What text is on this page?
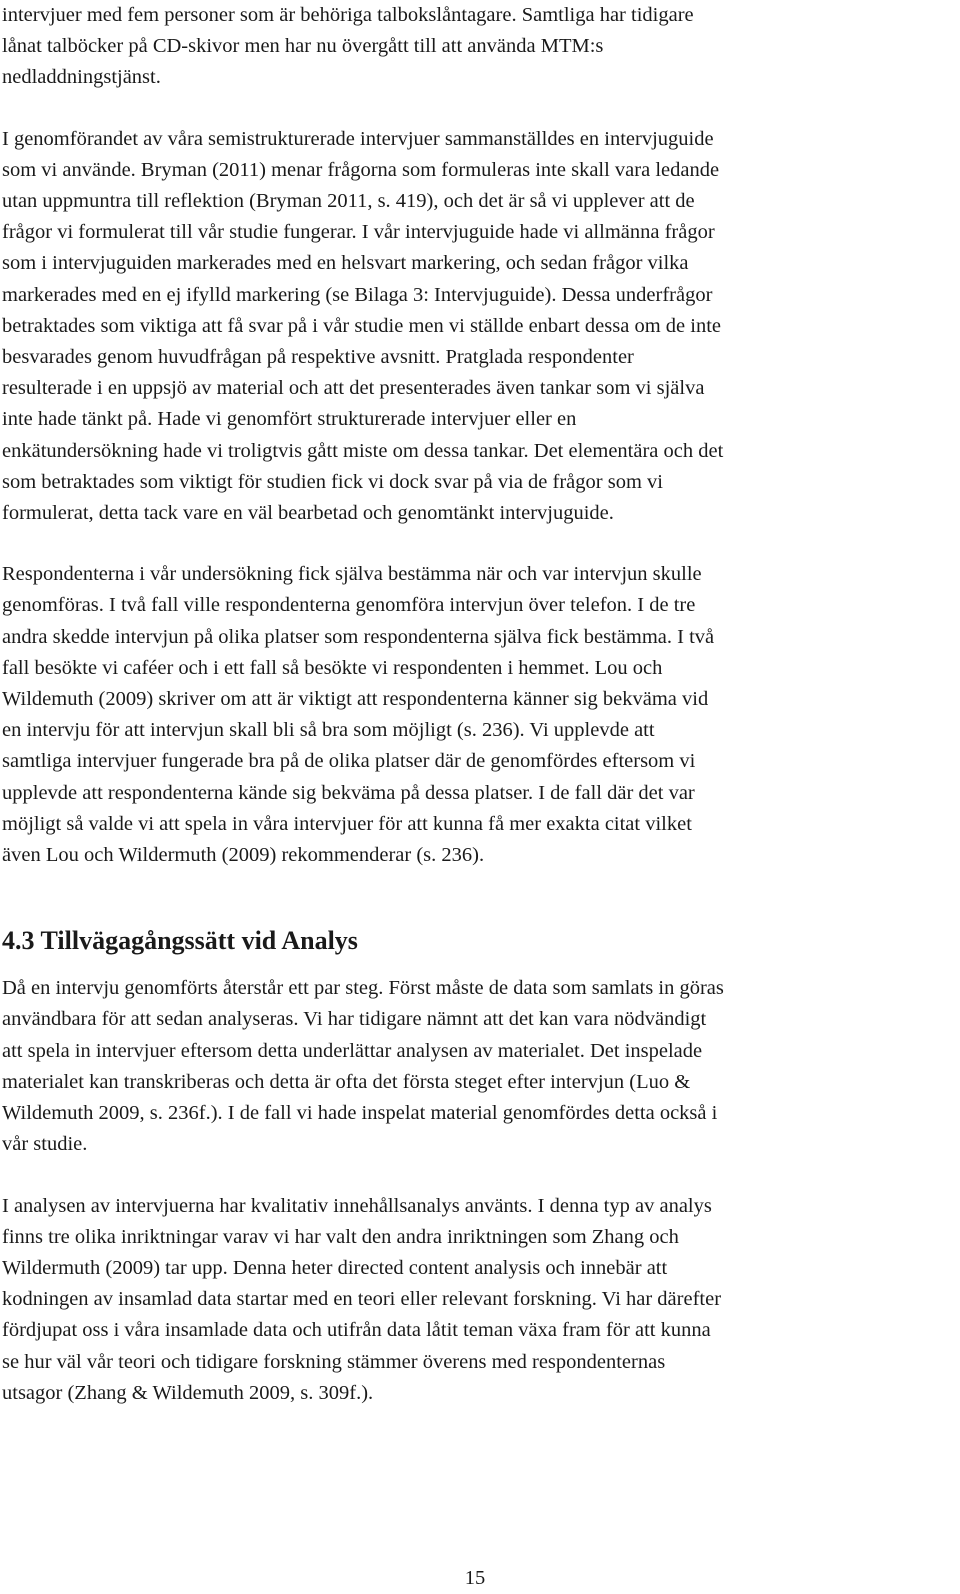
intervjuer med fem personer som är behöriga talbokslåntagare. Samtliga har tidigare
lånat talböcker på CD-skivor men har nu övergått till att använda MTM:s
nedladdningstjänst.

I genomförandet av våra semistrukturerade intervjuer sammanställdes en intervjuguide
som vi använde. Bryman (2011) menar frågorna som formuleras inte skall vara ledande
utan uppmuntra till reflektion (Bryman 2011, s. 419), och det är så vi upplever att de
frågor vi formulerat till vår studie fungerar. I vår intervjuguide hade vi allmänna frågor
som i intervjuguiden markerades med en helsvart markering, och sedan frågor vilka
markerades med en ej ifylld markering (se Bilaga 3: Intervjuguide). Dessa underfrågor
betraktades som viktiga att få svar på i vår studie men vi ställde enbart dessa om de inte
besvarades genom huvudfrågan på respektive avsnitt. Pratglada respondenter
resulterade i en uppsjö av material och att det presenterades även tankar som vi själva
inte hade tänkt på. Hade vi genomfört strukturerade intervjuer eller en
enkätundersökning hade vi troligtvis gått miste om dessa tankar. Det elementära och det
som betraktades som viktigt för studien fick vi dock svar på via de frågor som vi
formulerat, detta tack vare en väl bearbetad och genomtänkt intervjuguide.

Respondenterna i vår undersökning fick själva bestämma när och var intervjun skulle
genomföras. I två fall ville respondenterna genomföra intervjun över telefon. I de tre
andra skedde intervjun på olika platser som respondenterna själva fick bestämma. I två
fall besökte vi caféer och i ett fall så besökte vi respondenten i hemmet. Lou och
Wildemuth (2009) skriver om att är viktigt att respondenterna känner sig bekväma vid
en intervju för att intervjun skall bli så bra som möjligt (s. 236). Vi upplevde att
samtliga intervjuer fungerade bra på de olika platser där de genomfördes eftersom vi
upplevde att respondenterna kände sig bekväma på dessa platser. I de fall där det var
möjligt så valde vi att spela in våra intervjuer för att kunna få mer exakta citat vilket
även Lou och Wildermuth (2009) rekommenderar (s. 236).

4.3 Tillvägagångssätt vid Analys

Då en intervju genomförts återstår ett par steg. Först måste de data som samlats in göras
användbara för att sedan analyseras. Vi har tidigare nämnt att det kan vara nödvändigt
att spela in intervjuer eftersom detta underlättar analysen av materialet. Det inspelade
materialet kan transkriberas och detta är ofta det första steget efter intervjun (Luo &
Wildemuth 2009, s. 236f.). I de fall vi hade inspelat material genomfördes detta också i
vår studie.

I analysen av intervjuerna har kvalitativ innehållsanalys använts. I denna typ av analys
finns tre olika inriktningar varav vi har valt den andra inriktningen som Zhang och
Wildermuth (2009) tar upp. Denna heter directed content analysis och innebär att
kodningen av insamlad data startar med en teori eller relevant forskning. Vi har därefter
fördjupat oss i våra insamlade data och utifrån data låtit teman växa fram för att kunna
se hur väl vår teori och tidigare forskning stämmer överens med respondenternas
utsagor (Zhang & Wildemuth 2009, s. 309f.).

15
